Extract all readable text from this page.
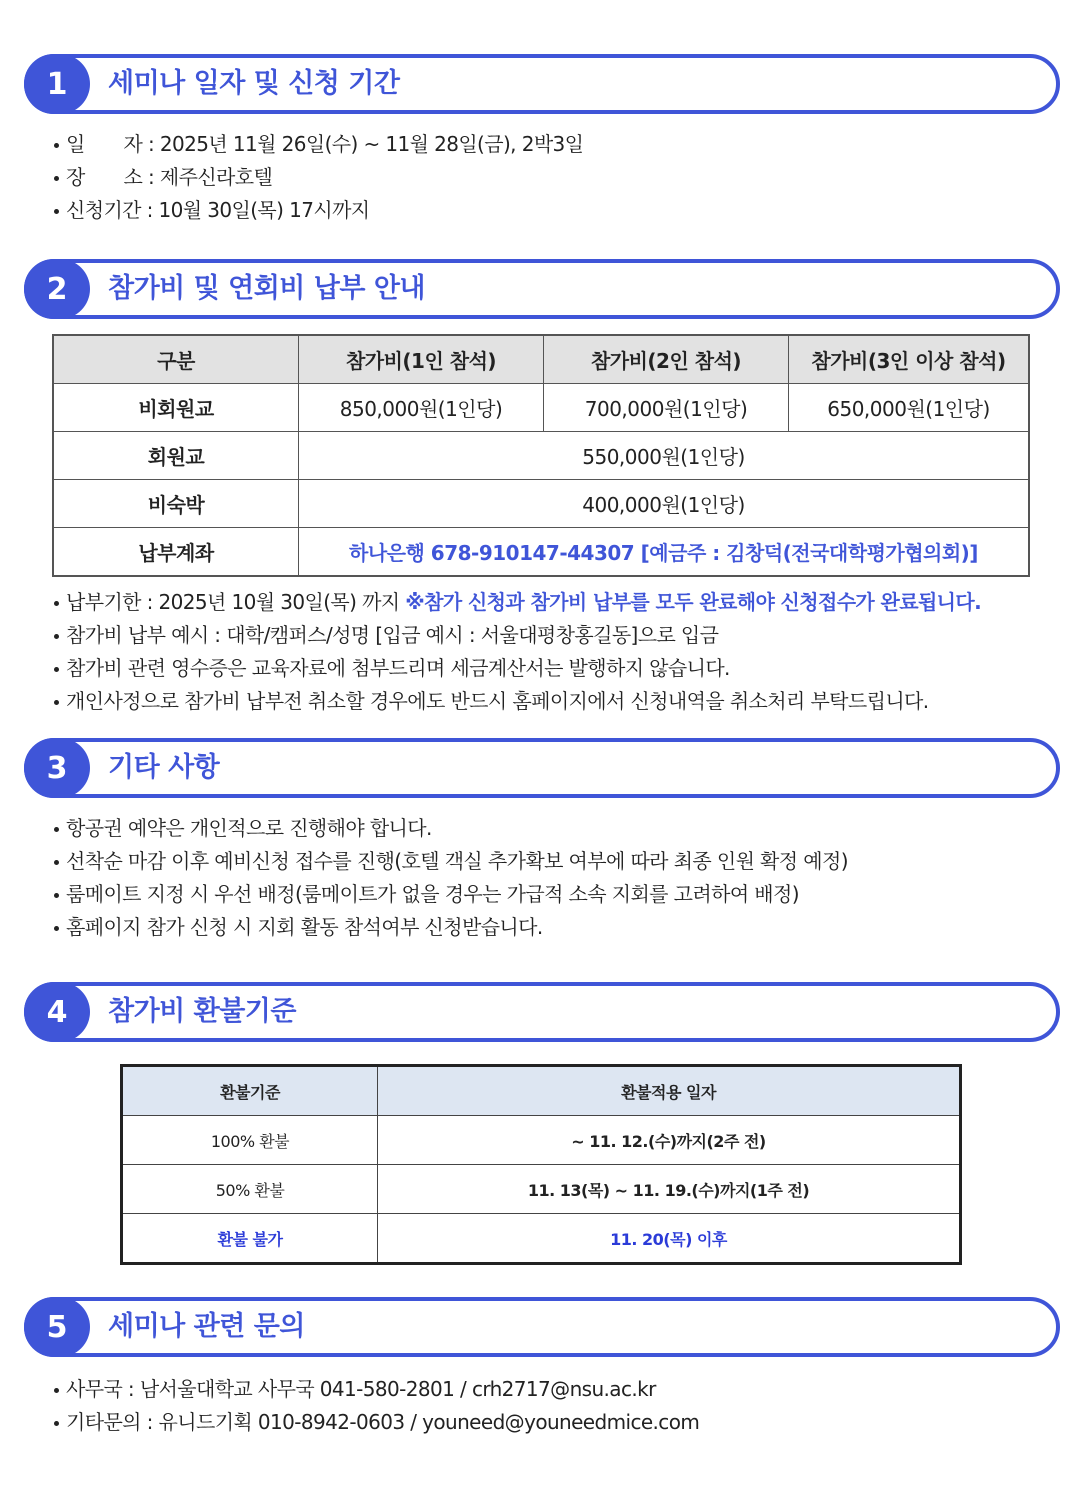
1	세미나 일자 및 신청 기간
일　　자 : 2025년 11월 26일(수) ~ 11월 28일(금), 2박3일
장　　소 : 제주신라호텔
신청기간 : 10월 30일(목) 17시까지
2	참가비 및 연회비 납부 안내
구분	참가비(1인 참석)	참가비(2인 참석)	참가비(3인 이상 참석)
비회원교	850,000원(1인당)	700,000원(1인당)	650,000원(1인당)
회원교	550,000원(1인당)		
비숙박	400,000원(1인당)		
납부계좌	하나은행 678-910147-44307 [예금주 : 김창덕(전국대학평가협의회)]		
납부기한 : 2025년 10월 30일(목) 까지 ※참가 신청과 참가비 납부를 모두 완료해야 신청접수가 완료됩니다.
참가비 납부 예시 : 대학/캠퍼스/성명 [입금 예시 : 서울대평창홍길동]으로 입금
참가비 관련 영수증은 교육자료에 첨부드리며 세금계산서는 발행하지 않습니다.
개인사정으로 참가비 납부전 취소할 경우에도 반드시 홈페이지에서 신청내역을 취소처리 부탁드립니다.
3	기타 사항
항공권 예약은 개인적으로 진행해야 합니다.
선착순 마감 이후 예비신청 접수를 진행(호텔 객실 추가확보 여부에 따라 최종 인원 확정 예정)
룸메이트 지정 시 우선 배정(룸메이트가 없을 경우는 가급적 소속 지회를 고려하여 배정)
홈페이지 참가 신청 시 지회 활동 참석여부 신청받습니다.
4	참가비 환불기준
환불기준	환불적용 일자
100% 환불	~ 11. 12.(수)까지(2주 전)
50% 환불	11. 13(목) ~ 11. 19.(수)까지(1주 전)
환불 불가	11. 20(목) 이후
5	세미나 관련 문의
사무국 : 남서울대학교 사무국 041-580-2801 / crh2717@nsu.ac.kr
기타문의 : 유니드기획 010-8942-0603 / youneed@youneedmice.com
